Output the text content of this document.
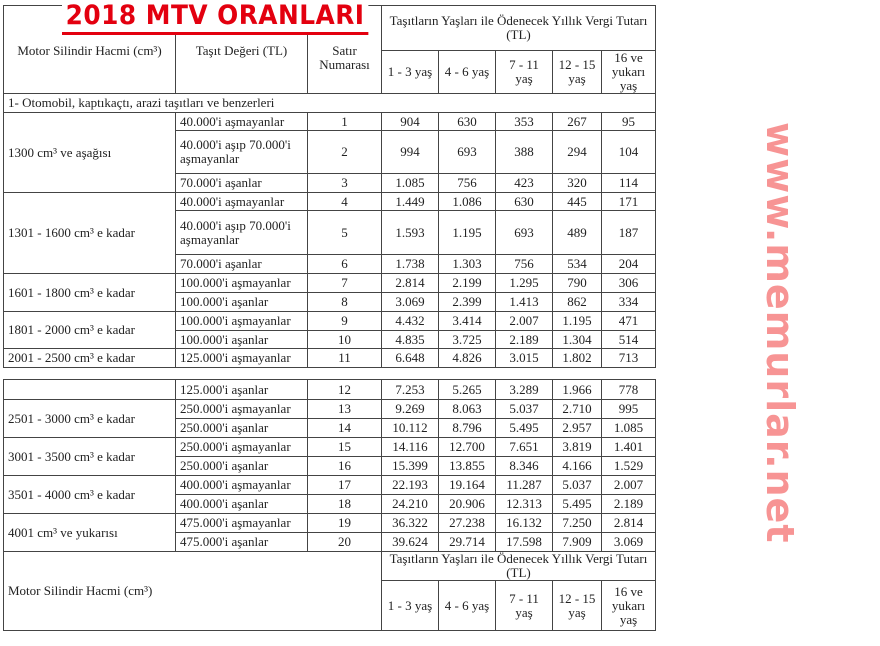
Motor Silindir Hacmi (cm³)	Taşıt Değeri (TL)	Satır Numarası	Taşıtların Yaşları ile Ödenecek Yıllık Vergi Tutarı (TL)				
			1 - 3 yaş	4 - 6 yaş	7 - 11 yaş	12 - 15 yaş	16 ve yukarı yaş
1- Otomobil, kaptıkaçtı, arazi taşıtları ve benzerleri							
1300 cm³ ve aşağısı	40.000'i aşmayanlar	1	904	630	353	267	95
	40.000'i aşıp 70.000'i aşmayanlar	2	994	693	388	294	104
	70.000'i aşanlar	3	1.085	756	423	320	114
1301 - 1600 cm³ e kadar	40.000'i aşmayanlar	4	1.449	1.086	630	445	171
	40.000'i aşıp 70.000'i aşmayanlar	5	1.593	1.195	693	489	187
	70.000'i aşanlar	6	1.738	1.303	756	534	204
1601 - 1800 cm³ e kadar	100.000'i aşmayanlar	7	2.814	2.199	1.295	790	306
	100.000'i aşanlar	8	3.069	2.399	1.413	862	334
1801 - 2000 cm³ e kadar	100.000'i aşmayanlar	9	4.432	3.414	2.007	1.195	471
	100.000'i aşanlar	10	4.835	3.725	2.189	1.304	514
2001 - 2500 cm³ e kadar	125.000'i aşmayanlar	11	6.648	4.826	3.015	1.802	713
	125.000'i aşanlar	12	7.253	5.265	3.289	1.966	778
2501 - 3000 cm³ e kadar	250.000'i aşmayanlar	13	9.269	8.063	5.037	2.710	995
	250.000'i aşanlar	14	10.112	8.796	5.495	2.957	1.085
3001 - 3500 cm³ e kadar	250.000'i aşmayanlar	15	14.116	12.700	7.651	3.819	1.401
	250.000'i aşanlar	16	15.399	13.855	8.346	4.166	1.529
3501 - 4000 cm³ e kadar	400.000'i aşmayanlar	17	22.193	19.164	11.287	5.037	2.007
	400.000'i aşanlar	18	24.210	20.906	12.313	5.495	2.189
4001 cm³ ve yukarısı	475.000'i aşmayanlar	19	36.322	27.238	16.132	7.250	2.814
	475.000'i aşanlar	20	39.624	29.714	17.598	7.909	3.069
Motor Silindir Hacmi (cm³)			Taşıtların Yaşları ile Ödenecek Yıllık Vergi Tutarı (TL)				
			1 - 3 yaş	4 - 6 yaş	7 - 11 yaş	12 - 15 yaş	16 ve yukarı yaş
2018 MTV ORANLARI
www.memurlar.net
